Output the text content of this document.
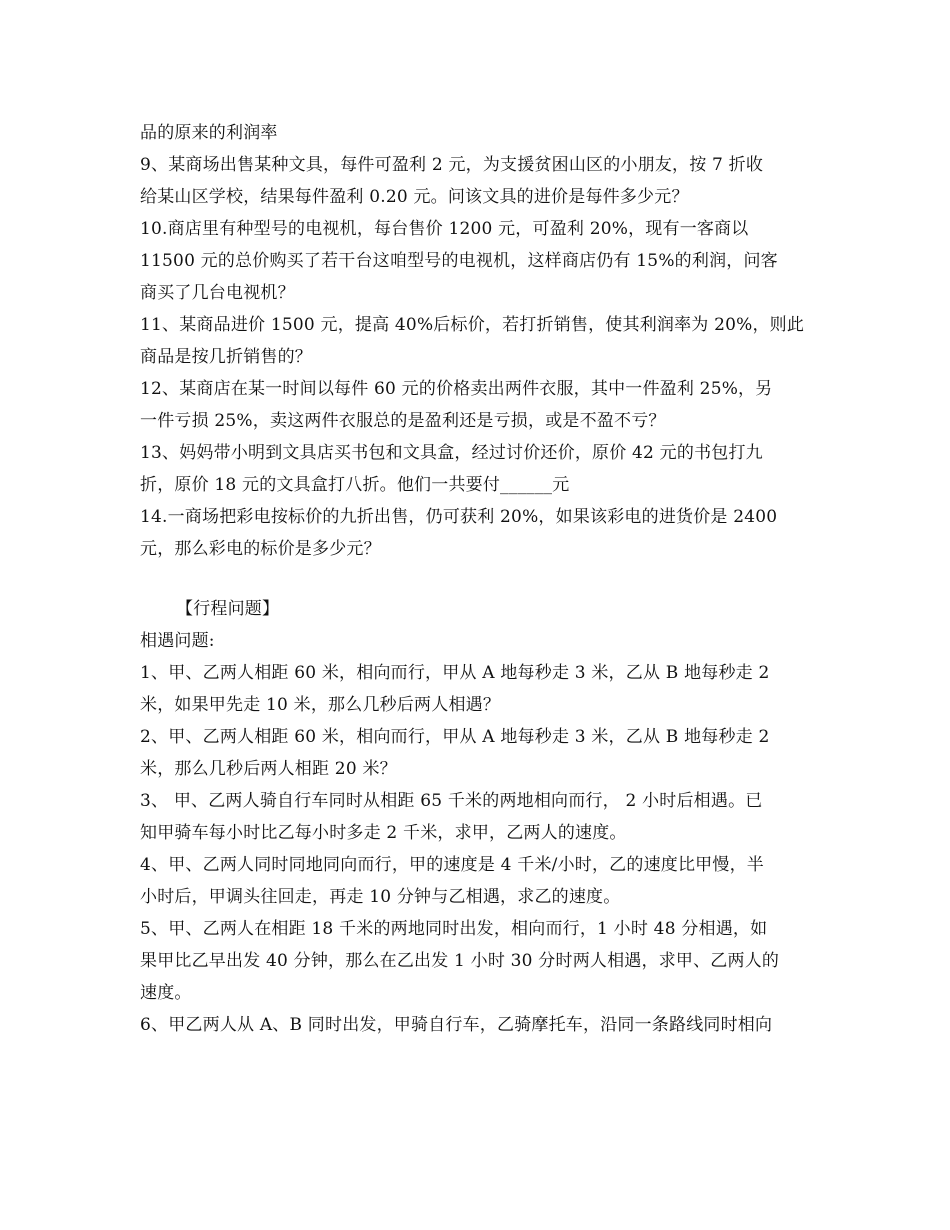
品的原来的利润率
9、某商场出售某种文具，每件可盈利 2 元，为支援贫困山区的小朋友，按 7 折收
给某山区学校，结果每件盈利 0.20 元。问该文具的进价是每件多少元？
10.商店里有种型号的电视机，每台售价 1200 元，可盈利 20%，现有一客商以
11500 元的总价购买了若干台这咱型号的电视机，这样商店仍有 15%的利润，问客
商买了几台电视机？
11、某商品进价 1500 元，提高 40%后标价，若打折销售，使其利润率为 20%，则此
商品是按几折销售的？
12、某商店在某一时间以每件 60 元的价格卖出两件衣服，其中一件盈利 25%，另
一件亏损 25%，卖这两件衣服总的是盈利还是亏损，或是不盈不亏？
13、妈妈带小明到文具店买书包和文具盒，经过讨价还价，原价 42 元的书包打九
折，原价 18 元的文具盒打八折。他们一共要付______元
14.一商场把彩电按标价的九折出售，仍可获利 20%，如果该彩电的进货价是 2400
元，那么彩电的标价是多少元？
【行程问题】
相遇问题:
1、甲、乙两人相距 60 米，相向而行，甲从 A 地每秒走 3 米，乙从 B 地每秒走 2
米，如果甲先走 10 米，那么几秒后两人相遇？
2、甲、乙两人相距 60 米，相向而行，甲从 A 地每秒走 3 米，乙从 B 地每秒走 2
米，那么几秒后两人相距 20 米？
3、 甲、乙两人骑自行车同时从相距 65 千米的两地相向而行， 2 小时后相遇。已
知甲骑车每小时比乙每小时多走 2 千米，求甲，乙两人的速度。
4、甲、乙两人同时同地同向而行，甲的速度是 4 千米/小时，乙的速度比甲慢，半
小时后，甲调头往回走，再走 10 分钟与乙相遇，求乙的速度。
5、甲、乙两人在相距 18 千米的两地同时出发，相向而行，1 小时 48 分相遇，如
果甲比乙早出发 40 分钟，那么在乙出发 1 小时 30 分时两人相遇，求甲、乙两人的
速度。
6、甲乙两人从 A、B 同时出发，甲骑自行车，乙骑摩托车，沿同一条路线同时相向
